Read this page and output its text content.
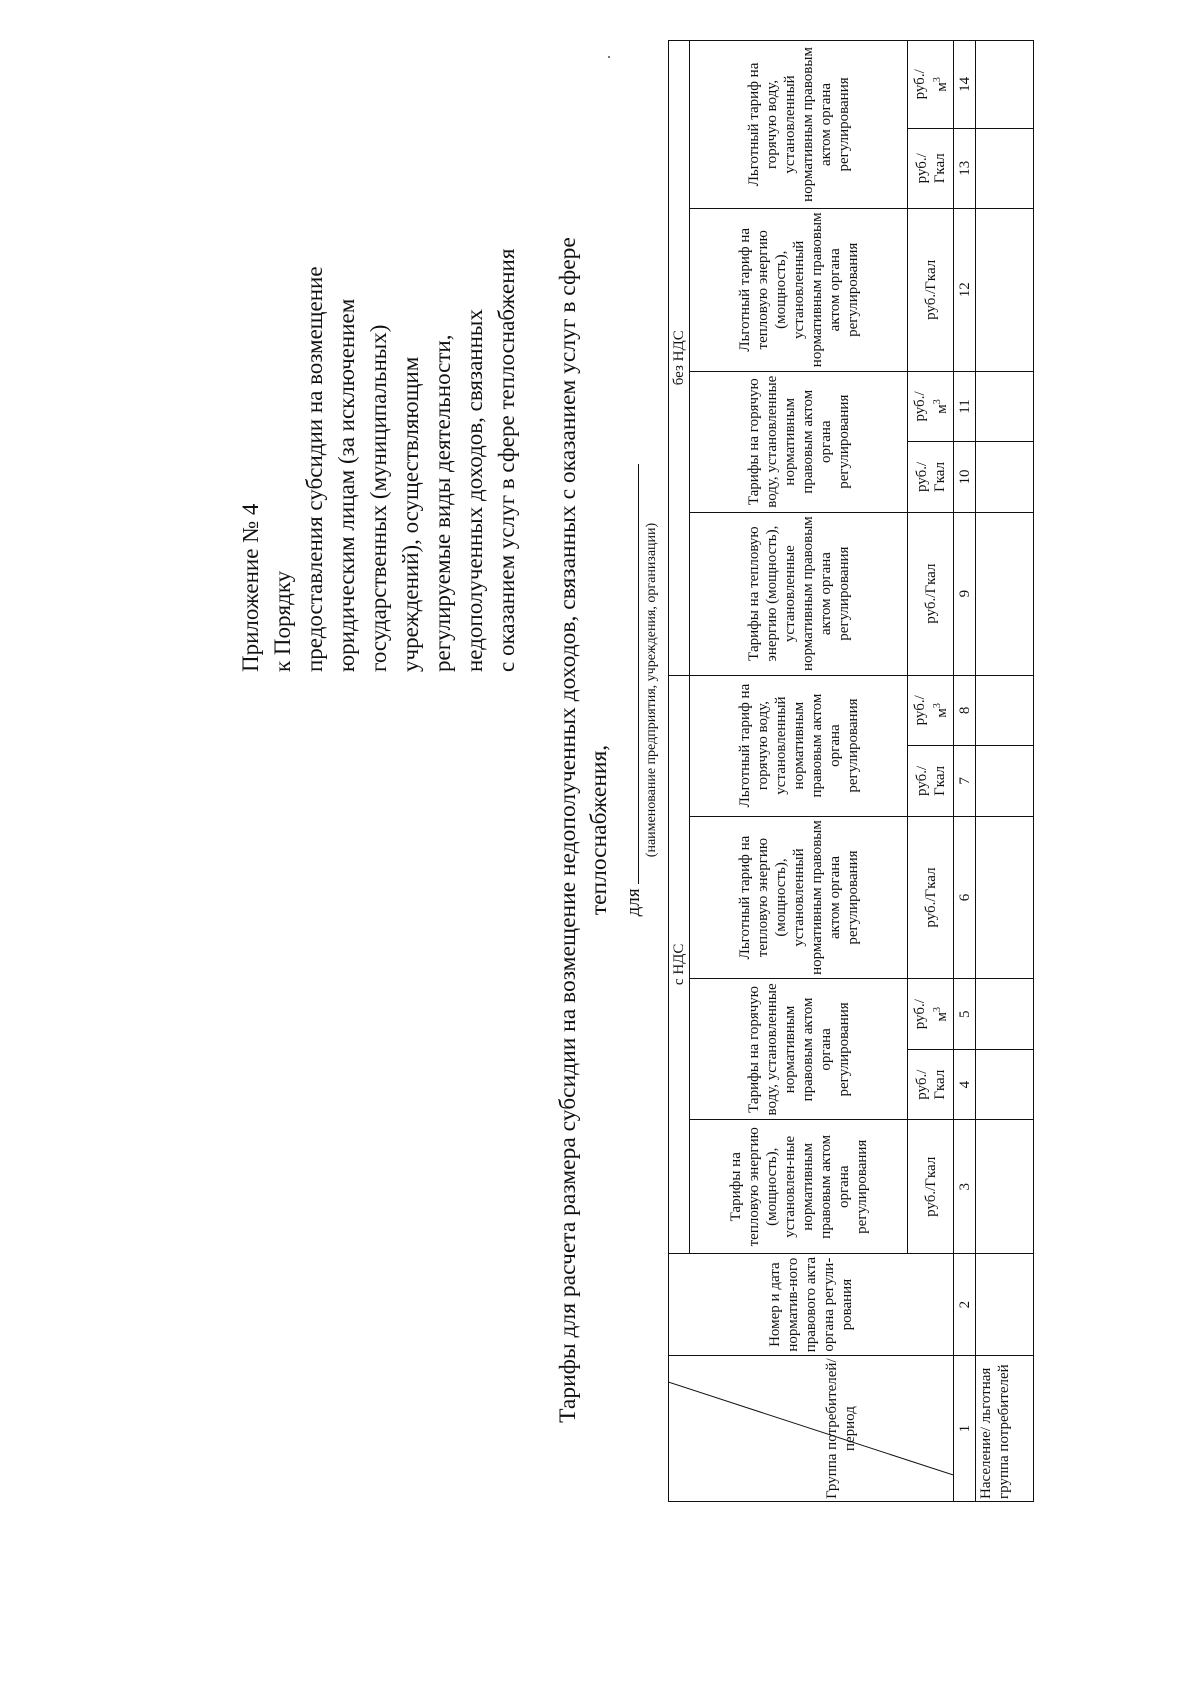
Приложение № 4 к Порядку предоставления субсидии на возмещение юридическим лицам (за исключением государственных (муниципальных) учреждений), осуществляющим регулируемые виды деятельности, недополученных доходов, связанных с оказанием услуг в сфере теплоснабжения Тарифы для расчета размера субсидии на возмещение недополученных доходов, связанных с оказанием услуг в сфере теплоснабжения, для
(наименование предприятия, учреждения, организации)
Группа потребителей/ период	Номер и дата норматив-ного правового акта органа регули-рования	с НДС						без НДС					
		Тарифы на тепловую энергию (мощность), установлен-ные нормативным правовым актом органа регулирования	Тарифы на горячую воду, установленные нормативным правовым актом органа регулирования		Льготный тариф на тепловую энергию (мощность), установленный нормативным правовым актом органа регулирования	Льготный тариф на горячую воду, установленный нормативным правовым актом органа регулирования		Тарифы на тепловую энергию (мощность), установленные нормативным правовым актом органа регулирования	Тарифы на горячую воду, установленные нормативным правовым актом органа регулирования		Льготный тариф на тепловую энергию (мощность), установленный нормативным правовым актом органа регулирования	Льготный тариф на горячую воду, установленный нормативным правовым актом органа регулирования	
		руб./Гкал	руб./ Гкал	руб./ $м^3$	руб./Гкал	руб./ Гкал	руб./ $м^3$	руб./Гкал	руб./ Гкал	руб./ $м^3$	руб./Гкал	руб./ Гкал	руб./ $м^3$
1	2	3	4	5	6	7	8	9	10	11	12	13	14
Население/ льготная группа потребителей													
